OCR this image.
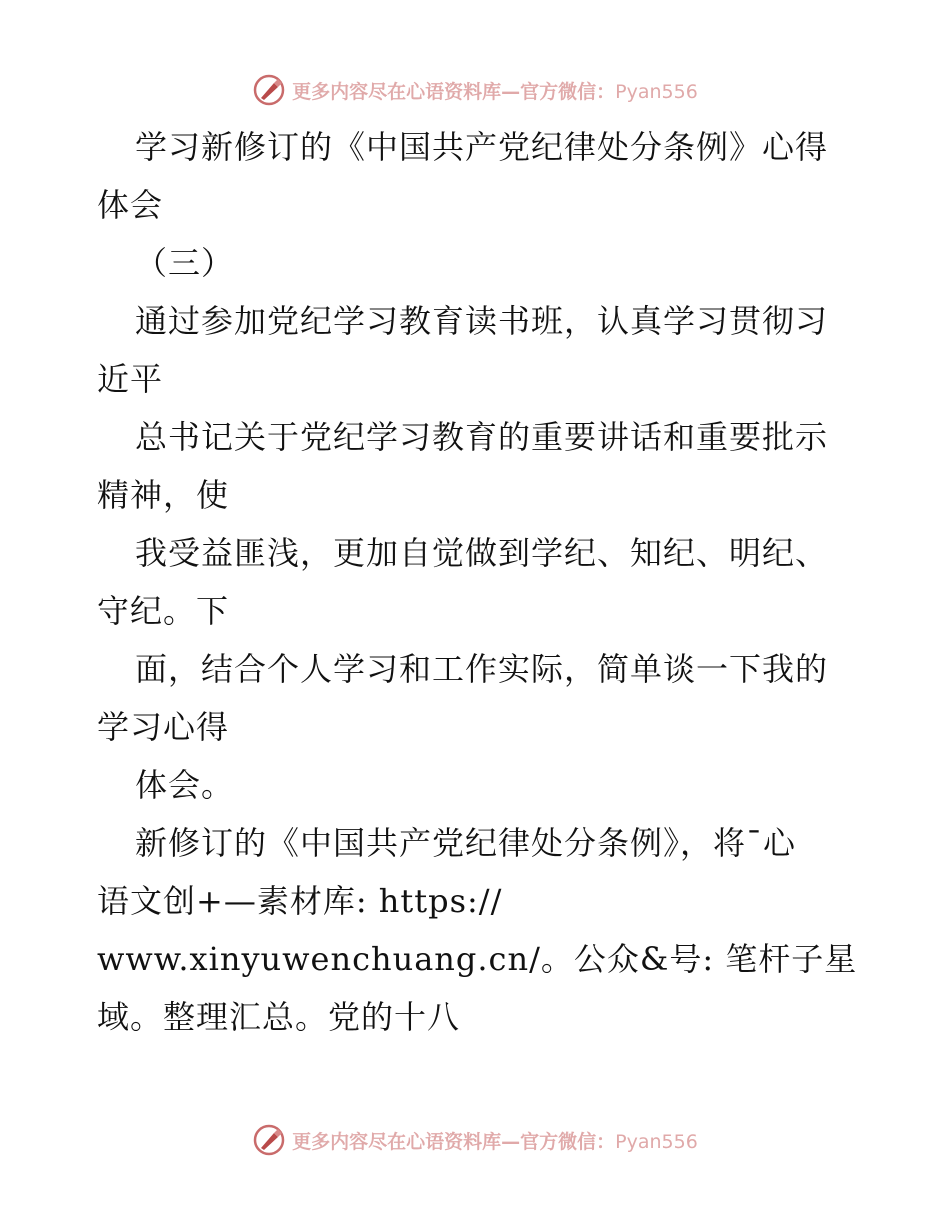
更多内容尽在心语资料库—官方微信：Pyan556
学习新修订的《中国共产党纪律处分条例》心得
体会
（三）
通过参加党纪学习教育读书班，认真学习贯彻习
近平
总书记关于党纪学习教育的重要讲话和重要批示
精神，使
我受益匪浅，更加自觉做到学纪、知纪、明纪、
守纪。下
面，结合个人学习和工作实际，简单谈一下我的
学习心得
体会。
新修订的《中国共产党纪律处分条例》，将¯心
语文创+—素材库: https://
www.xinyuwenchuang.cn/。公众&号: 笔杆子星
域。整理汇总。党的十八
更多内容尽在心语资料库—官方微信：Pyan556
